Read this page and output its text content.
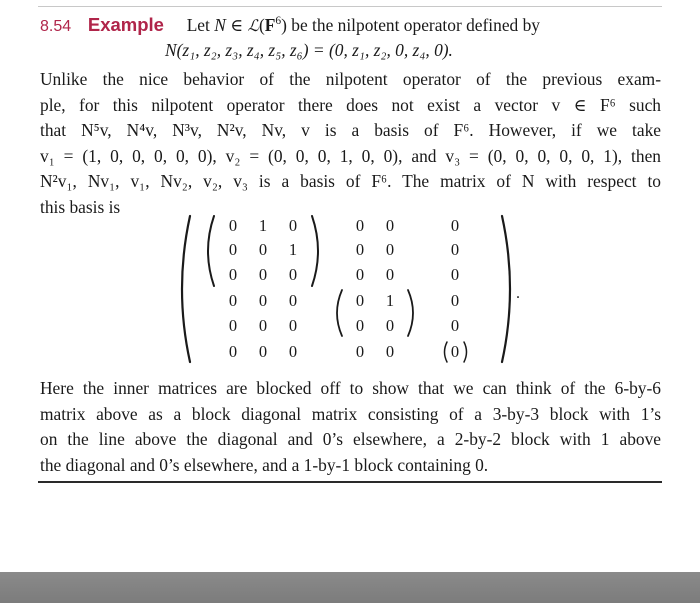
8.54 Example Let N ∈ $ℒ(F^6)$ be the nilpotent operator defined by
N(z₁, z₂, z₃, z₄, z₅, z₆) = (0, z₁, z₂, 0, z₄, 0).
Unlike the nice behavior of the nilpotent operator of the previous exam-
ple, for this nilpotent operator there does not exist a vector v ∈ F⁶ such
that N⁵v, N⁴v, N³v, N²v, Nv, v is a basis of F⁶. However, if we take
v₁ = (1, 0, 0, 0, 0, 0), v₂ = (0, 0, 0, 1, 0, 0), and v₃ = (0, 0, 0, 0, 0, 1), then
N²v₁, Nv₁, v₁, Nv₂, v₂, v₃ is a basis of F⁶. The matrix of N with respect to
this basis is
0 1 0	0 0	0
0 0 1	0 0	0
0 0 0	0 0	0
0 0 0	0 1	0
0 0 0	0 0	0
0 0 0	0 0	0
.
Here the inner matrices are blocked off to show that we can think of the 6-by-6
matrix above as a block diagonal matrix consisting of a 3-by-3 block with 1’s
on the line above the diagonal and 0’s elsewhere, a 2-by-2 block with 1 above
the diagonal and 0’s elsewhere, and a 1-by-1 block containing 0.
